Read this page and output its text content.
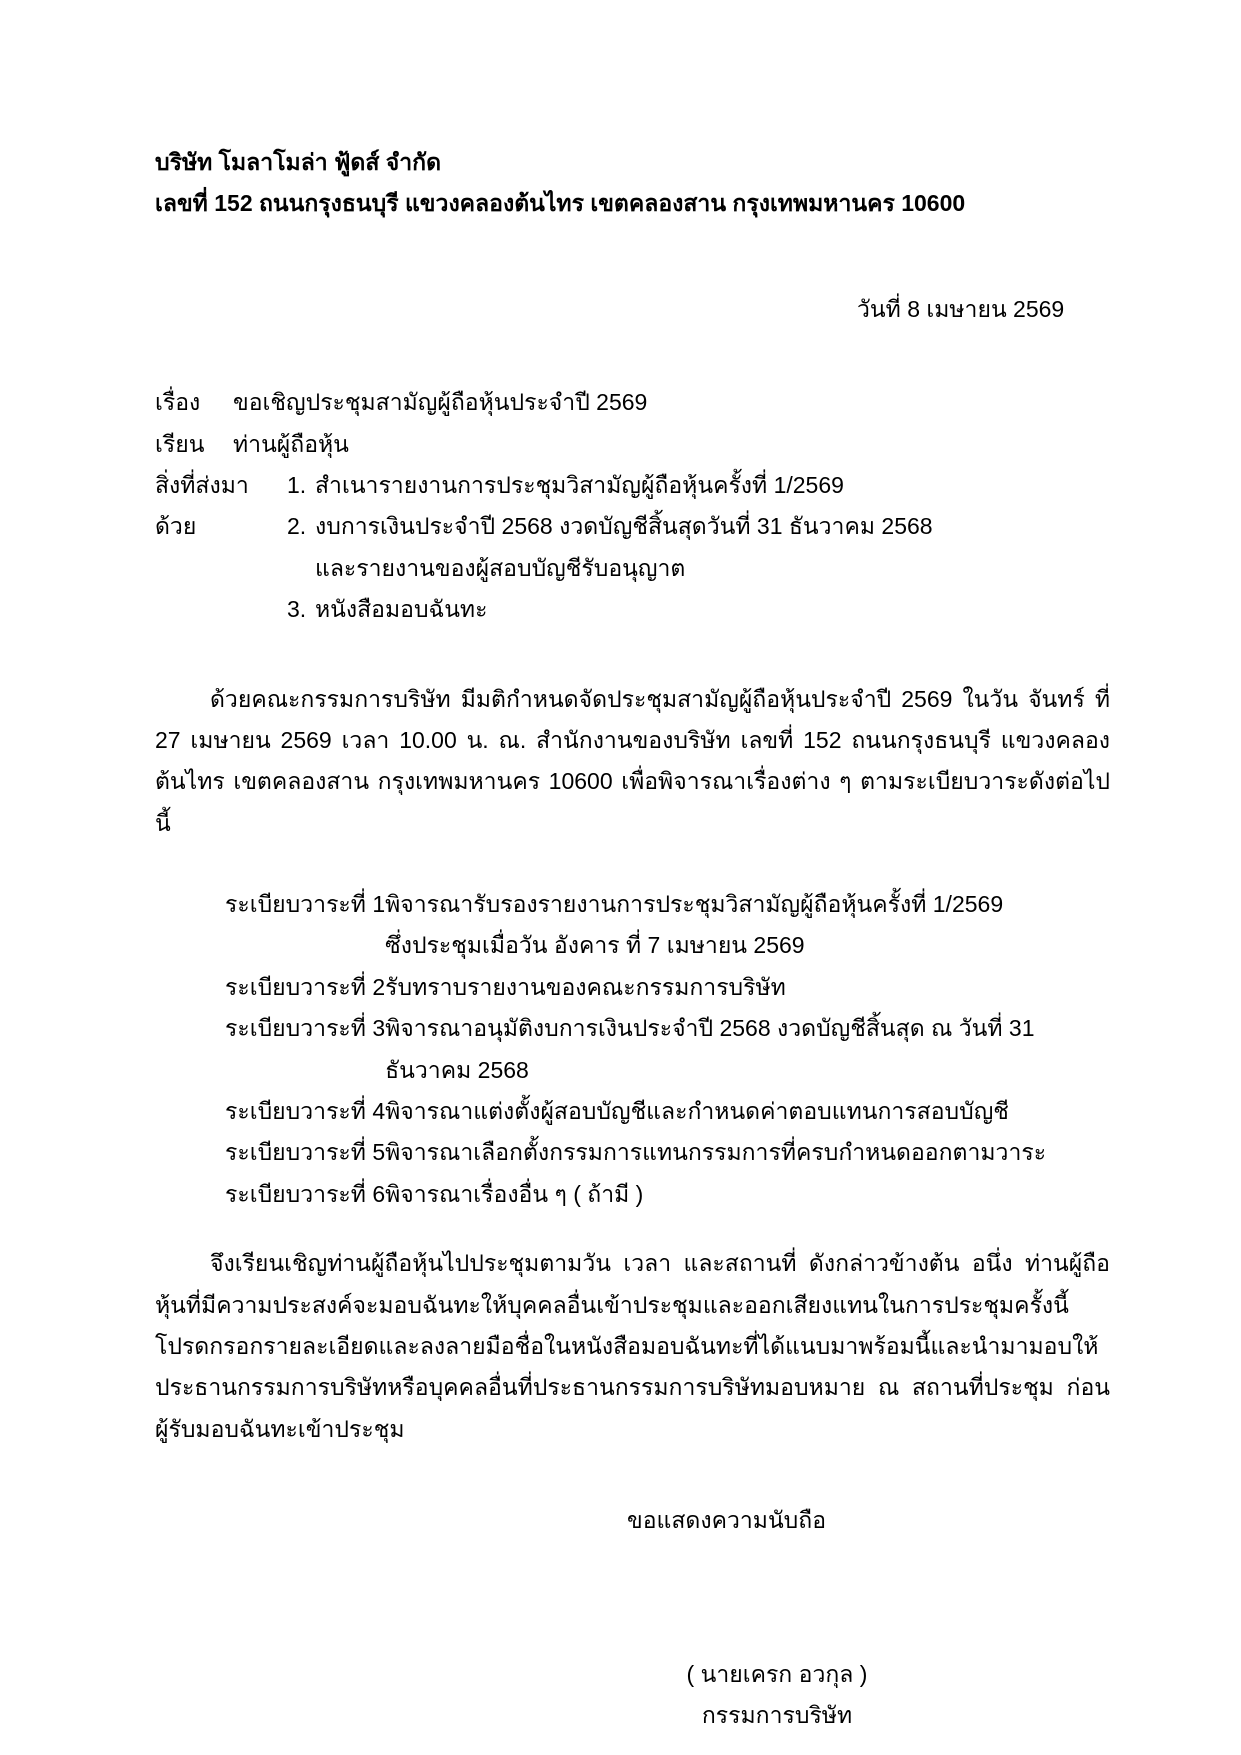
บริษัท โมลาโมล่า ฟู้ดส์ จำกัด
เลขที่ 152 ถนนกรุงธนบุรี แขวงคลองต้นไทร เขตคลองสาน กรุงเทพมหานคร 10600
วันที่ 8 เมษายน 2569
เรื่อง	ขอเชิญประชุมสามัญผู้ถือหุ้นประจำปี 2569
เรียน	ท่านผู้ถือหุ้น
สิ่งที่ส่งมาด้วย
1. สำเนารายงานการประชุมวิสามัญผู้ถือหุ้นครั้งที่ 1/2569
2. งบการเงินประจำปี 2568 งวดบัญชีสิ้นสุดวันที่ 31 ธันวาคม 2568
และรายงานของผู้สอบบัญชีรับอนุญาต
3. หนังสือมอบฉันทะ

ด้วยคณะกรรมการบริษัท มีมติกำหนดจัดประชุมสามัญผู้ถือหุ้นประจำปี 2569 ในวัน จันทร์ ที่ 27 เมษายน 2569 เวลา 10.00 น. ณ. สำนักงานของบริษัท เลขที่ 152 ถนนกรุงธนบุรี แขวงคลองต้นไทร เขตคลองสาน กรุงเทพมหานคร 10600 เพื่อพิจารณาเรื่องต่าง ๆ ตามระเบียบวาระดังต่อไปนี้

ระเบียบวาระที่ 1 พิจารณารับรองรายงานการประชุมวิสามัญผู้ถือหุ้นครั้งที่ 1/2569
ซึ่งประชุมเมื่อวัน อังคาร ที่ 7 เมษายน 2569
ระเบียบวาระที่ 2 รับทราบรายงานของคณะกรรมการบริษัท
ระเบียบวาระที่ 3 พิจารณาอนุมัติงบการเงินประจำปี 2568 งวดบัญชีสิ้นสุด ณ วันที่ 31 ธันวาคม 2568
ระเบียบวาระที่ 4 พิจารณาแต่งตั้งผู้สอบบัญชีและกำหนดค่าตอบแทนการสอบบัญชี
ระเบียบวาระที่ 5 พิจารณาเลือกตั้งกรรมการแทนกรรมการที่ครบกำหนดออกตามวาระ
ระเบียบวาระที่ 6 พิจารณาเรื่องอื่น ๆ ( ถ้ามี )

จึงเรียนเชิญท่านผู้ถือหุ้นไปประชุมตามวัน เวลา และสถานที่ ดังกล่าวข้างต้น อนึ่ง ท่านผู้ถือหุ้นที่มีความประสงค์จะมอบฉันทะให้บุคคลอื่นเข้าประชุมและออกเสียงแทนในการประชุมครั้งนี้ โปรดกรอกรายละเอียดและลงลายมือชื่อในหนังสือมอบฉันทะที่ได้แนบมาพร้อมนี้และนำมามอบให้ประธานกรรมการบริษัทหรือบุคคลอื่นที่ประธานกรรมการบริษัทมอบหมาย ณ สถานที่ประชุม ก่อนผู้รับมอบฉันทะเข้าประชุม

ขอแสดงความนับถือ
( นายเครก อวกุล )
กรรมการบริษัท
